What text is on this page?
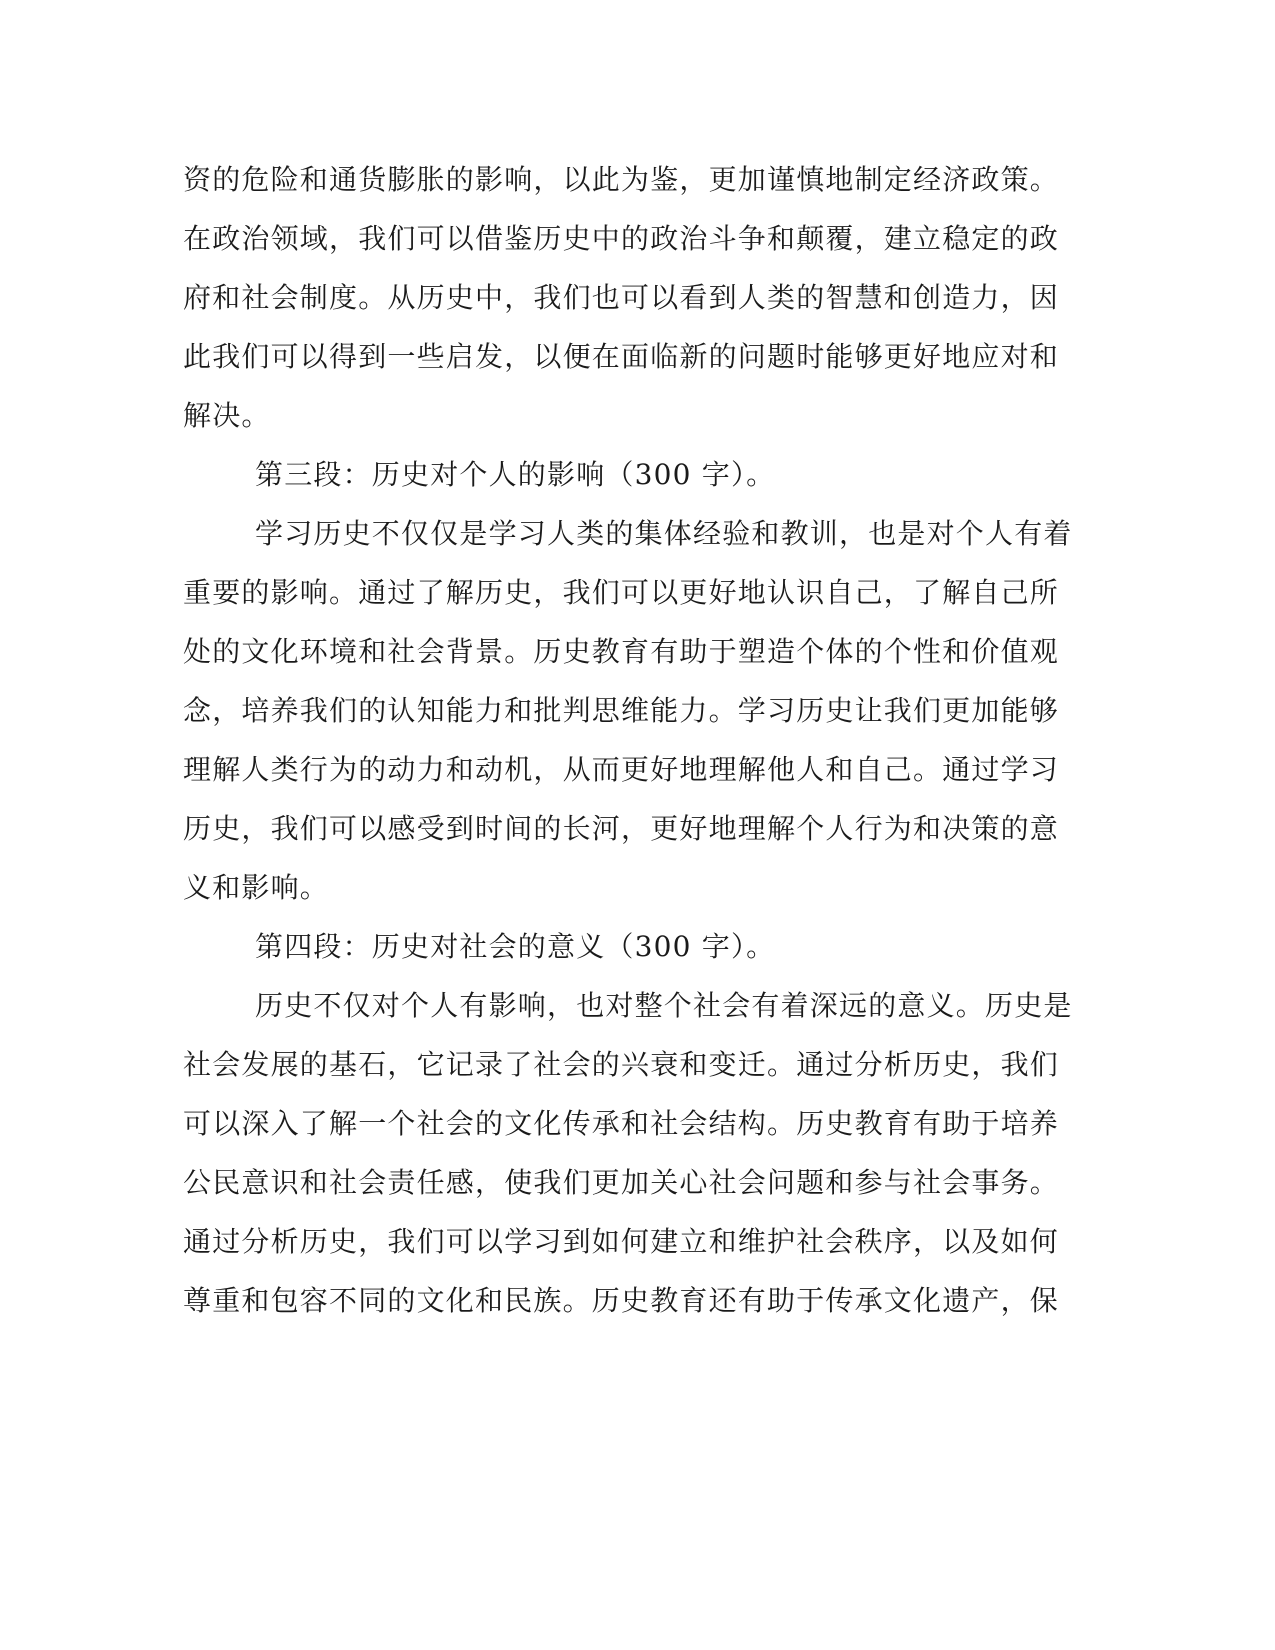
资的危险和通货膨胀的影响，以此为鉴，更加谨慎地制定经济政策。
在政治领域，我们可以借鉴历史中的政治斗争和颠覆，建立稳定的政
府和社会制度。从历史中，我们也可以看到人类的智慧和创造力，因
此我们可以得到一些启发，以便在面临新的问题时能够更好地应对和
解决。
第三段：历史对个人的影响（300 字）。
学习历史不仅仅是学习人类的集体经验和教训，也是对个人有着
重要的影响。通过了解历史，我们可以更好地认识自己，了解自己所
处的文化环境和社会背景。历史教育有助于塑造个体的个性和价值观
念，培养我们的认知能力和批判思维能力。学习历史让我们更加能够
理解人类行为的动力和动机，从而更好地理解他人和自己。通过学习
历史，我们可以感受到时间的长河，更好地理解个人行为和决策的意
义和影响。
第四段：历史对社会的意义（300 字）。
历史不仅对个人有影响，也对整个社会有着深远的意义。历史是
社会发展的基石，它记录了社会的兴衰和变迁。通过分析历史，我们
可以深入了解一个社会的文化传承和社会结构。历史教育有助于培养
公民意识和社会责任感，使我们更加关心社会问题和参与社会事务。
通过分析历史，我们可以学习到如何建立和维护社会秩序，以及如何
尊重和包容不同的文化和民族。历史教育还有助于传承文化遗产，保
